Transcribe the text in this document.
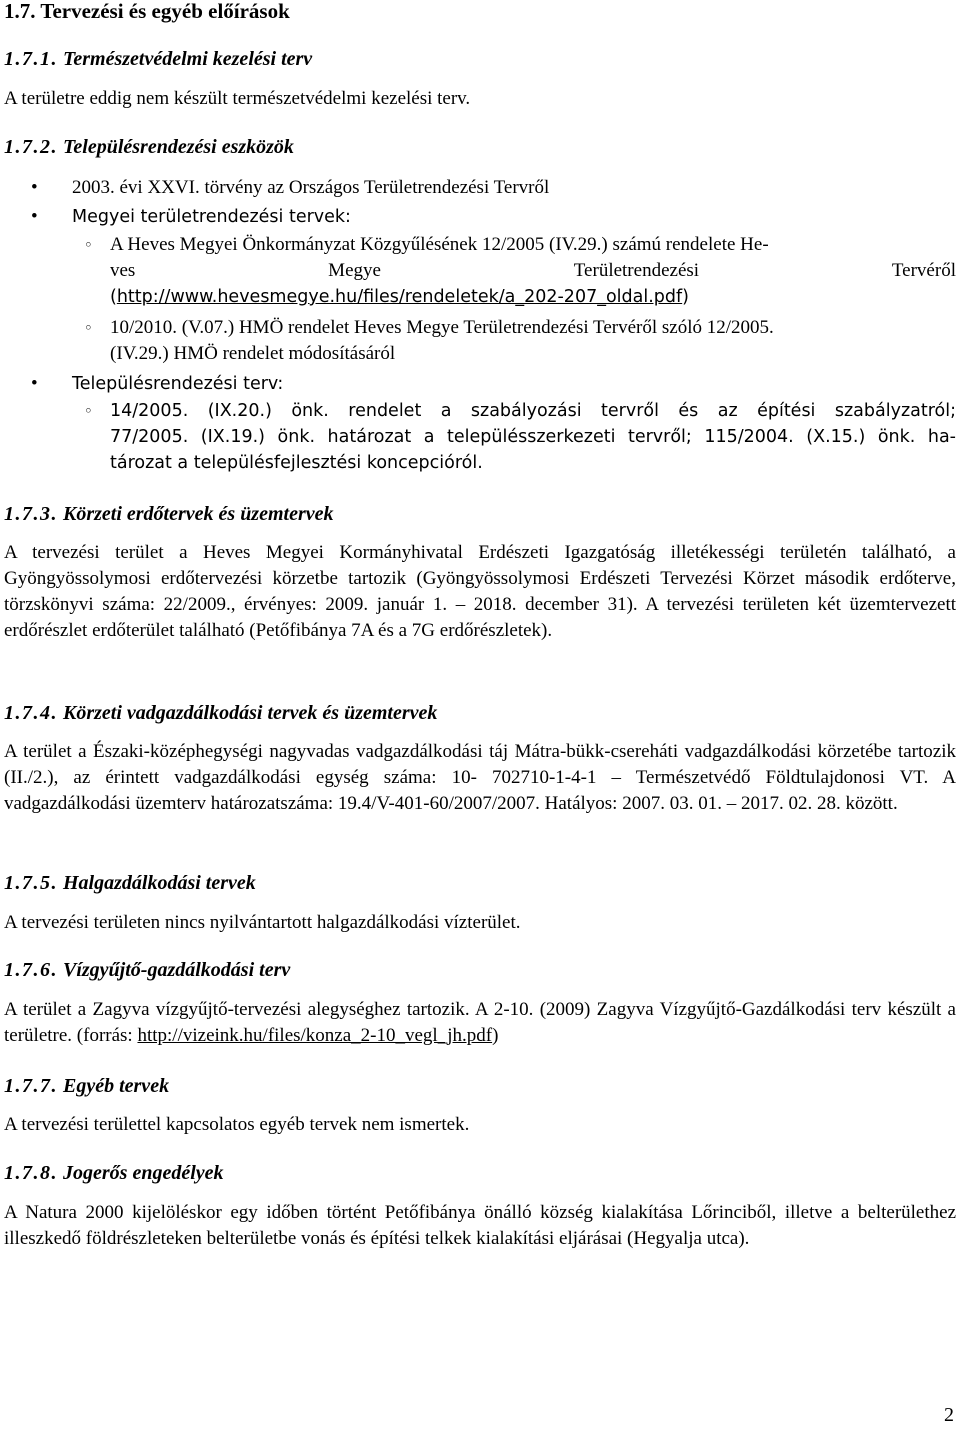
1.7. Tervezési és egyéb előírások
1.7.1. Természetvédelmi kezelési terv

A területre eddig nem készült természetvédelmi kezelési terv.

1.7.2. Településrendezési eszközök
• 2003. évi XXVI. törvény az Országos Területrendezési Tervről
• Megyei területrendezési tervek:
◦ A Heves Megyei Önkormányzat Közgyűlésének 12/2005 (IV.29.) számú rendelete He-
ves	Megye	Területrendezési	Tervéről
(http://www.hevesmegye.hu/files/rendeletek/a_202-207_oldal.pdf)
◦ 10/2010. (V.07.) HMÖ rendelet Heves Megye Területrendezési Tervéről szóló 12/2005.
(IV.29.) HMÖ rendelet módosításáról
• Településrendezési terv:
◦ 14/2005. (IX.20.) önk. rendelet a szabályozási tervről és az építési szabályzatról;
77/2005. (IX.19.) önk. határozat a településszerkezeti tervről; 115/2004. (X.15.) önk. ha-
tározat a településfejlesztési koncepcióról.
1.7.3. Körzeti erdőtervek és üzemtervek

A tervezési terület a Heves Megyei Kormányhivatal Erdészeti Igazgatóság illetékességi területén található, a Gyöngyössolymosi erdőtervezési körzetbe tartozik (Gyöngyössolymosi Erdészeti Tervezési Körzet második erdőterve, törzskönyvi száma: 22/2009., érvényes: 2009. január 1. – 2018. december 31). A tervezési területen két üzemtervezett erdőrészlet erdőterület található (Petőfibánya 7A és a 7G erdőrészletek).

1.7.4. Körzeti vadgazdálkodási tervek és üzemtervek

A terület a Északi-középhegységi nagyvadas vadgazdálkodási táj Mátra-bükk-csereháti vadgazdálkodási körzetébe tartozik (II./2.), az érintett vadgazdálkodási egység száma: 10- 702710-1-4-1 – Természetvédő Földtulajdonosi VT. A vadgazdálkodási üzemterv határozatszáma: 19.4/V-401-60/2007/2007. Hatályos: 2007. 03. 01. – 2017. 02. 28. között.

1.7.5. Halgazdálkodási tervek

A tervezési területen nincs nyilvántartott halgazdálkodási vízterület.

1.7.6. Vízgyűjtő-gazdálkodási terv

A terület a Zagyva vízgyűjtő-tervezési alegységhez tartozik. A 2-10. (2009) Zagyva Vízgyűjtő-Gazdálkodási terv készült a területre. (forrás: http://vizeink.hu/files/konza_2-10_vegl_jh.pdf)

1.7.7. Egyéb tervek

A tervezési területtel kapcsolatos egyéb tervek nem ismertek.

1.7.8. Jogerős engedélyek

A Natura 2000 kijelöléskor egy időben történt Petőfibánya önálló község kialakítása Lőrinciből, illetve a belterülethez illeszkedő földrészleteken belterületbe vonás és építési telkek kialakítási eljárásai (Hegyalja utca).

2
